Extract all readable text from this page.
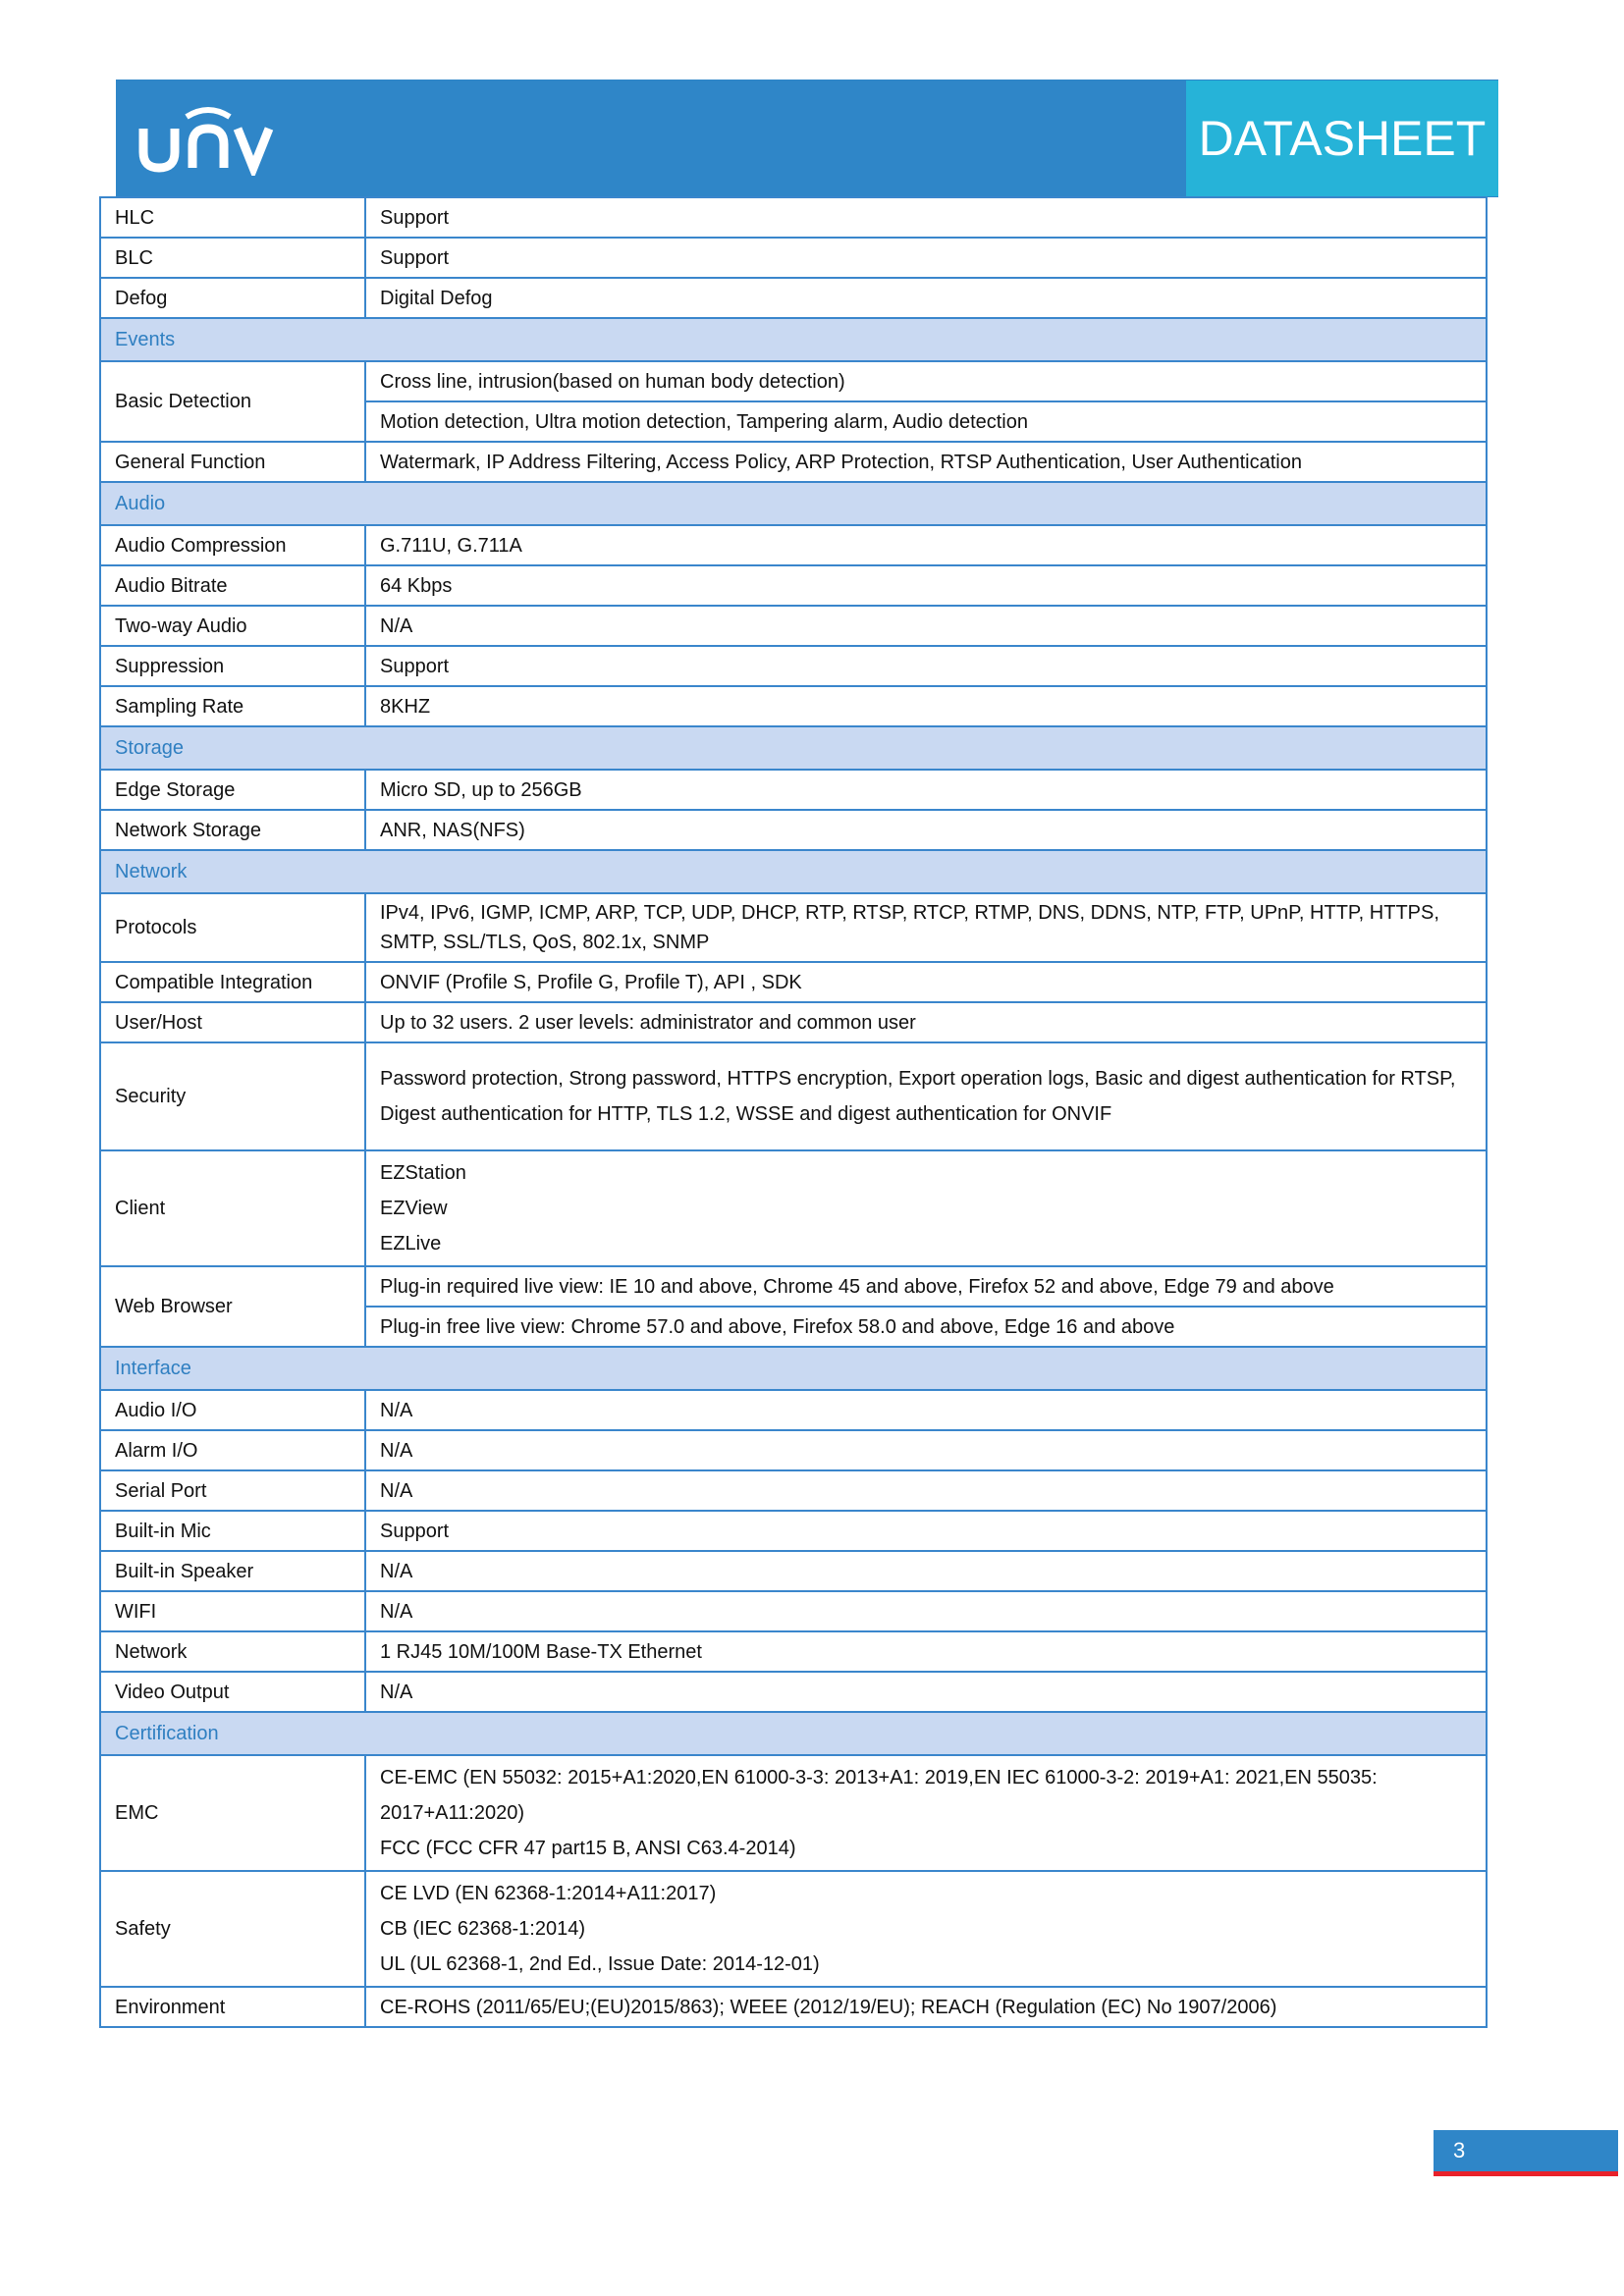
DATASHEET
HLC	Support
BLC	Support
Defog	Digital Defog
Events	
Basic Detection	Cross line, intrusion(based on human body detection)
	Motion detection, Ultra motion detection, Tampering alarm, Audio detection
General Function	Watermark, IP Address Filtering, Access Policy, ARP Protection, RTSP Authentication, User Authentication
Audio	
Audio Compression	G.711U, G.711A
Audio Bitrate	64 Kbps
Two-way Audio	N/A
Suppression	Support
Sampling Rate	8KHZ
Storage	
Edge Storage	Micro SD, up to 256GB
Network Storage	ANR, NAS(NFS)
Network	
Protocols	IPv4, IPv6, IGMP, ICMP, ARP, TCP, UDP, DHCP, RTP, RTSP, RTCP, RTMP, DNS, DDNS, NTP, FTP, UPnP, HTTP, HTTPS, SMTP, SSL/TLS, QoS, 802.1x, SNMP
Compatible Integration	ONVIF (Profile S, Profile G, Profile T), API , SDK
User/Host	Up to 32 users. 2 user levels: administrator and common user
Security	Password protection, Strong password, HTTPS encryption, Export operation logs, Basic and digest authentication for RTSP,
Digest authentication for HTTP, TLS 1.2, WSSE and digest authentication for ONVIF

Client	EZStation
EZView
EZLive

Web Browser	Plug-in required live view: IE 10 and above, Chrome 45 and above, Firefox 52 and above, Edge 79 and above
	Plug-in free live view: Chrome 57.0 and above, Firefox 58.0 and above, Edge 16 and above
Interface	
Audio I/O	N/A
Alarm I/O	N/A
Serial Port	N/A
Built-in Mic	Support
Built-in Speaker	N/A
WIFI	N/A
Network	1 RJ45 10M/100M Base-TX Ethernet
Video Output	N/A
Certification	
EMC	CE-EMC (EN 55032: 2015+A1:2020,EN 61000-3-3: 2013+A1: 2019,EN IEC 61000-3-2: 2019+A1: 2021,EN 55035: 2017+A11:2020)
FCC (FCC CFR 47 part15 B, ANSI C63.4-2014)

Safety	CE LVD (EN 62368-1:2014+A11:2017)
CB (IEC 62368-1:2014)
UL (UL 62368-1, 2nd Ed., Issue Date: 2014-12-01)

Environment	CE-ROHS (2011/65/EU;(EU)2015/863); WEEE (2012/19/EU); REACH (Regulation (EC) No 1907/2006)
3
